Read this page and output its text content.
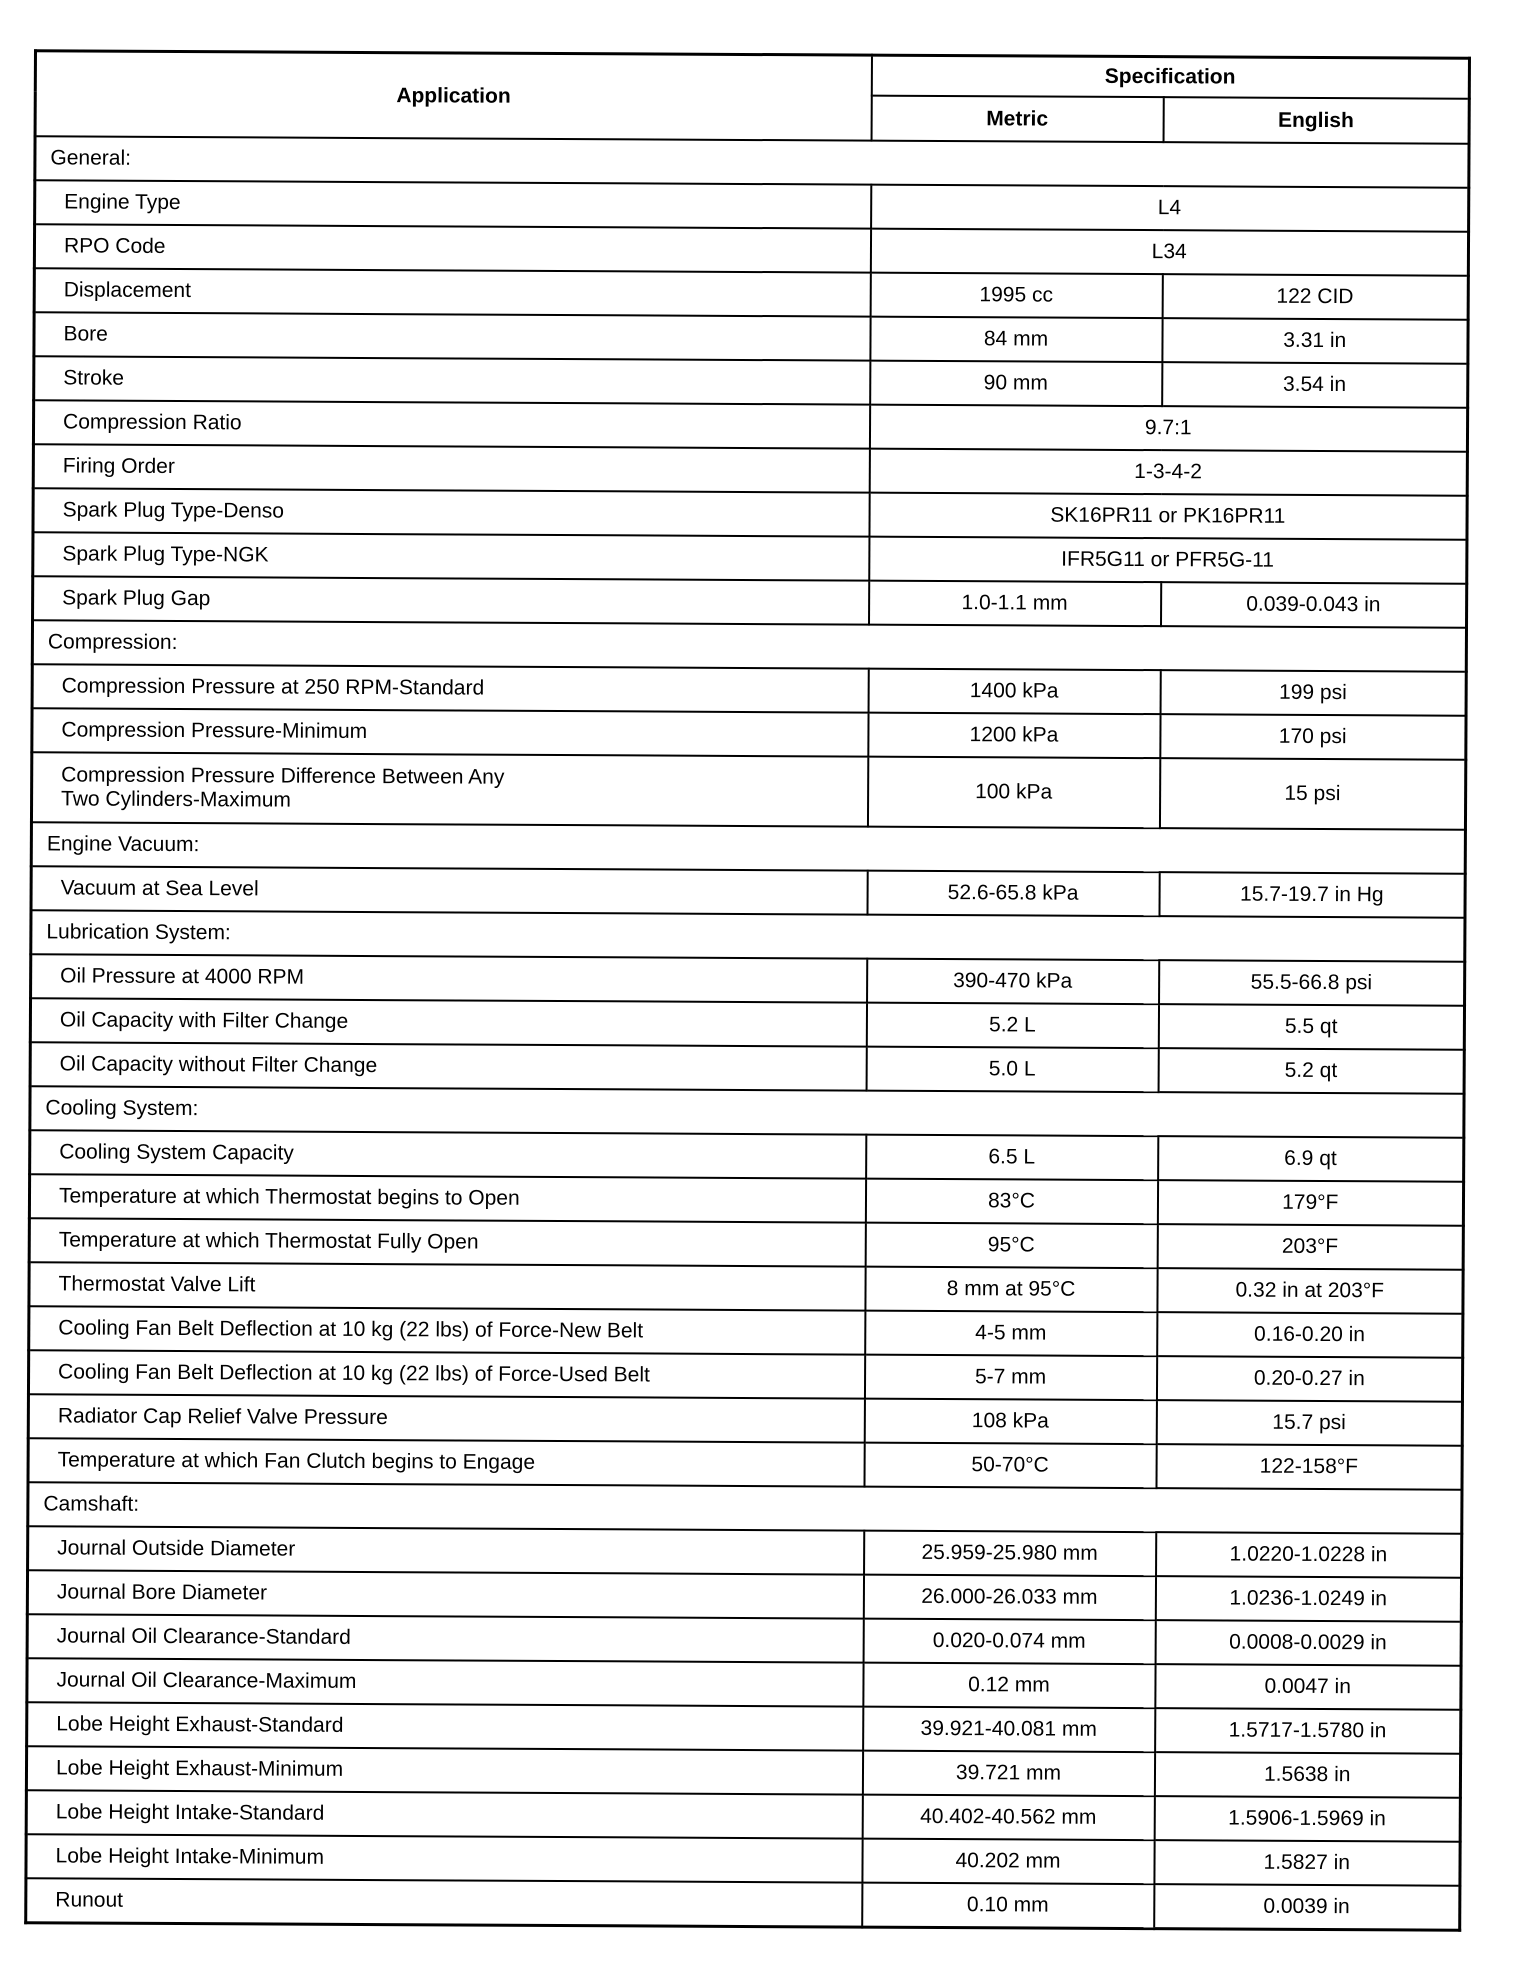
Application	Specification	
	Metric	English
General:		
Engine Type	L4	
RPO Code	L34	
Displacement	1995 cc	122 CID
Bore	84 mm	3.31 in
Stroke	90 mm	3.54 in
Compression Ratio	9.7:1	
Firing Order	1-3-4-2	
Spark Plug Type-Denso	SK16PR11 or PK16PR11	
Spark Plug Type-NGK	IFR5G11 or PFR5G-11	
Spark Plug Gap	1.0-1.1 mm	0.039-0.043 in
Compression:		
Compression Pressure at 250 RPM-Standard	1400 kPa	199 psi
Compression Pressure-Minimum	1200 kPa	170 psi

Compression Pressure Difference Between Any
Two Cylinders-Maximum	100 kPa	15 psi
Engine Vacuum:		
Vacuum at Sea Level	52.6-65.8 kPa	15.7-19.7 in Hg
Lubrication System:		
Oil Pressure at 4000 RPM	390-470 kPa	55.5-66.8 psi
Oil Capacity with Filter Change	5.2 L	5.5 qt
Oil Capacity without Filter Change	5.0 L	5.2 qt
Cooling System:		
Cooling System Capacity	6.5 L	6.9 qt
Temperature at which Thermostat begins to Open	83°C	179°F
Temperature at which Thermostat Fully Open	95°C	203°F
Thermostat Valve Lift	8 mm at 95°C	0.32 in at 203°F
Cooling Fan Belt Deflection at 10 kg (22 lbs) of Force-New Belt	4-5 mm	0.16-0.20 in
Cooling Fan Belt Deflection at 10 kg (22 lbs) of Force-Used Belt	5-7 mm	0.20-0.27 in
Radiator Cap Relief Valve Pressure	108 kPa	15.7 psi
Temperature at which Fan Clutch begins to Engage	50-70°C	122-158°F
Camshaft:		
Journal Outside Diameter	25.959-25.980 mm	1.0220-1.0228 in
Journal Bore Diameter	26.000-26.033 mm	1.0236-1.0249 in
Journal Oil Clearance-Standard	0.020-0.074 mm	0.0008-0.0029 in
Journal Oil Clearance-Maximum	0.12 mm	0.0047 in
Lobe Height Exhaust-Standard	39.921-40.081 mm	1.5717-1.5780 in
Lobe Height Exhaust-Minimum	39.721 mm	1.5638 in
Lobe Height Intake-Standard	40.402-40.562 mm	1.5906-1.5969 in
Lobe Height Intake-Minimum	40.202 mm	1.5827 in
Runout	0.10 mm	0.0039 in
